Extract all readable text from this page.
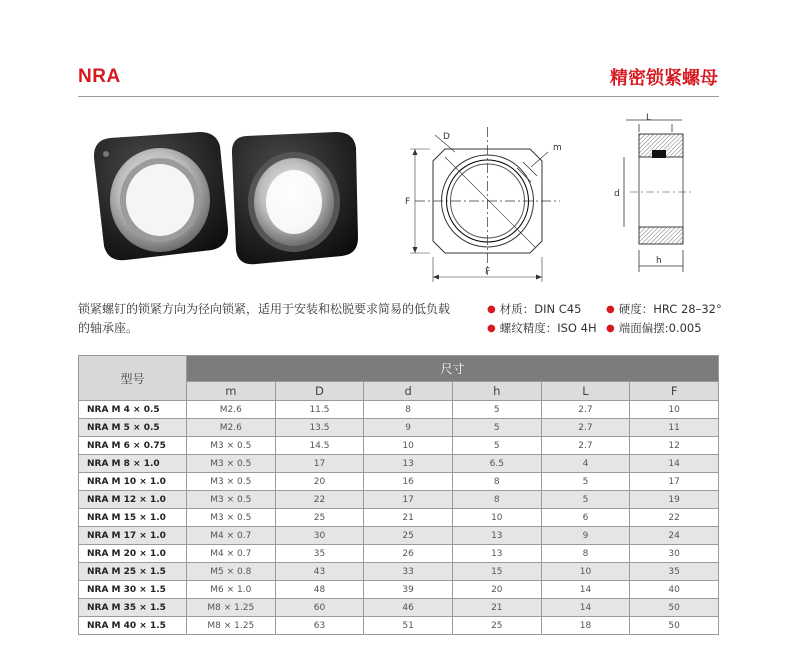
NRA	精密锁紧螺母
D
m
F
F
L
d
h
锁紧螺钉的锁紧方向为径向锁紧，适用于安装和松脱要求简易的低负载的轴承座。
● 材质：DIN C45 ● 硬度：HRC 28–32°
● 螺纹精度：ISO 4H ● 端面偏摆:0.005
型号	尺寸					
	m	D	d	h	L	F
NRA M 4 × 0.5	M2.6	11.5	8	5	2.7	10
NRA M 5 × 0.5	M2.6	13.5	9	5	2.7	11
NRA M 6 × 0.75	M3 × 0.5	14.5	10	5	2.7	12
NRA M 8 × 1.0	M3 × 0.5	17	13	6.5	4	14
NRA M 10 × 1.0	M3 × 0.5	20	16	8	5	17
NRA M 12 × 1.0	M3 × 0.5	22	17	8	5	19
NRA M 15 × 1.0	M3 × 0.5	25	21	10	6	22
NRA M 17 × 1.0	M4 × 0.7	30	25	13	9	24
NRA M 20 × 1.0	M4 × 0.7	35	26	13	8	30
NRA M 25 × 1.5	M5 × 0.8	43	33	15	10	35
NRA M 30 × 1.5	M6 × 1.0	48	39	20	14	40
NRA M 35 × 1.5	M8 × 1.25	60	46	21	14	50
NRA M 40 × 1.5	M8 × 1.25	63	51	25	18	50
